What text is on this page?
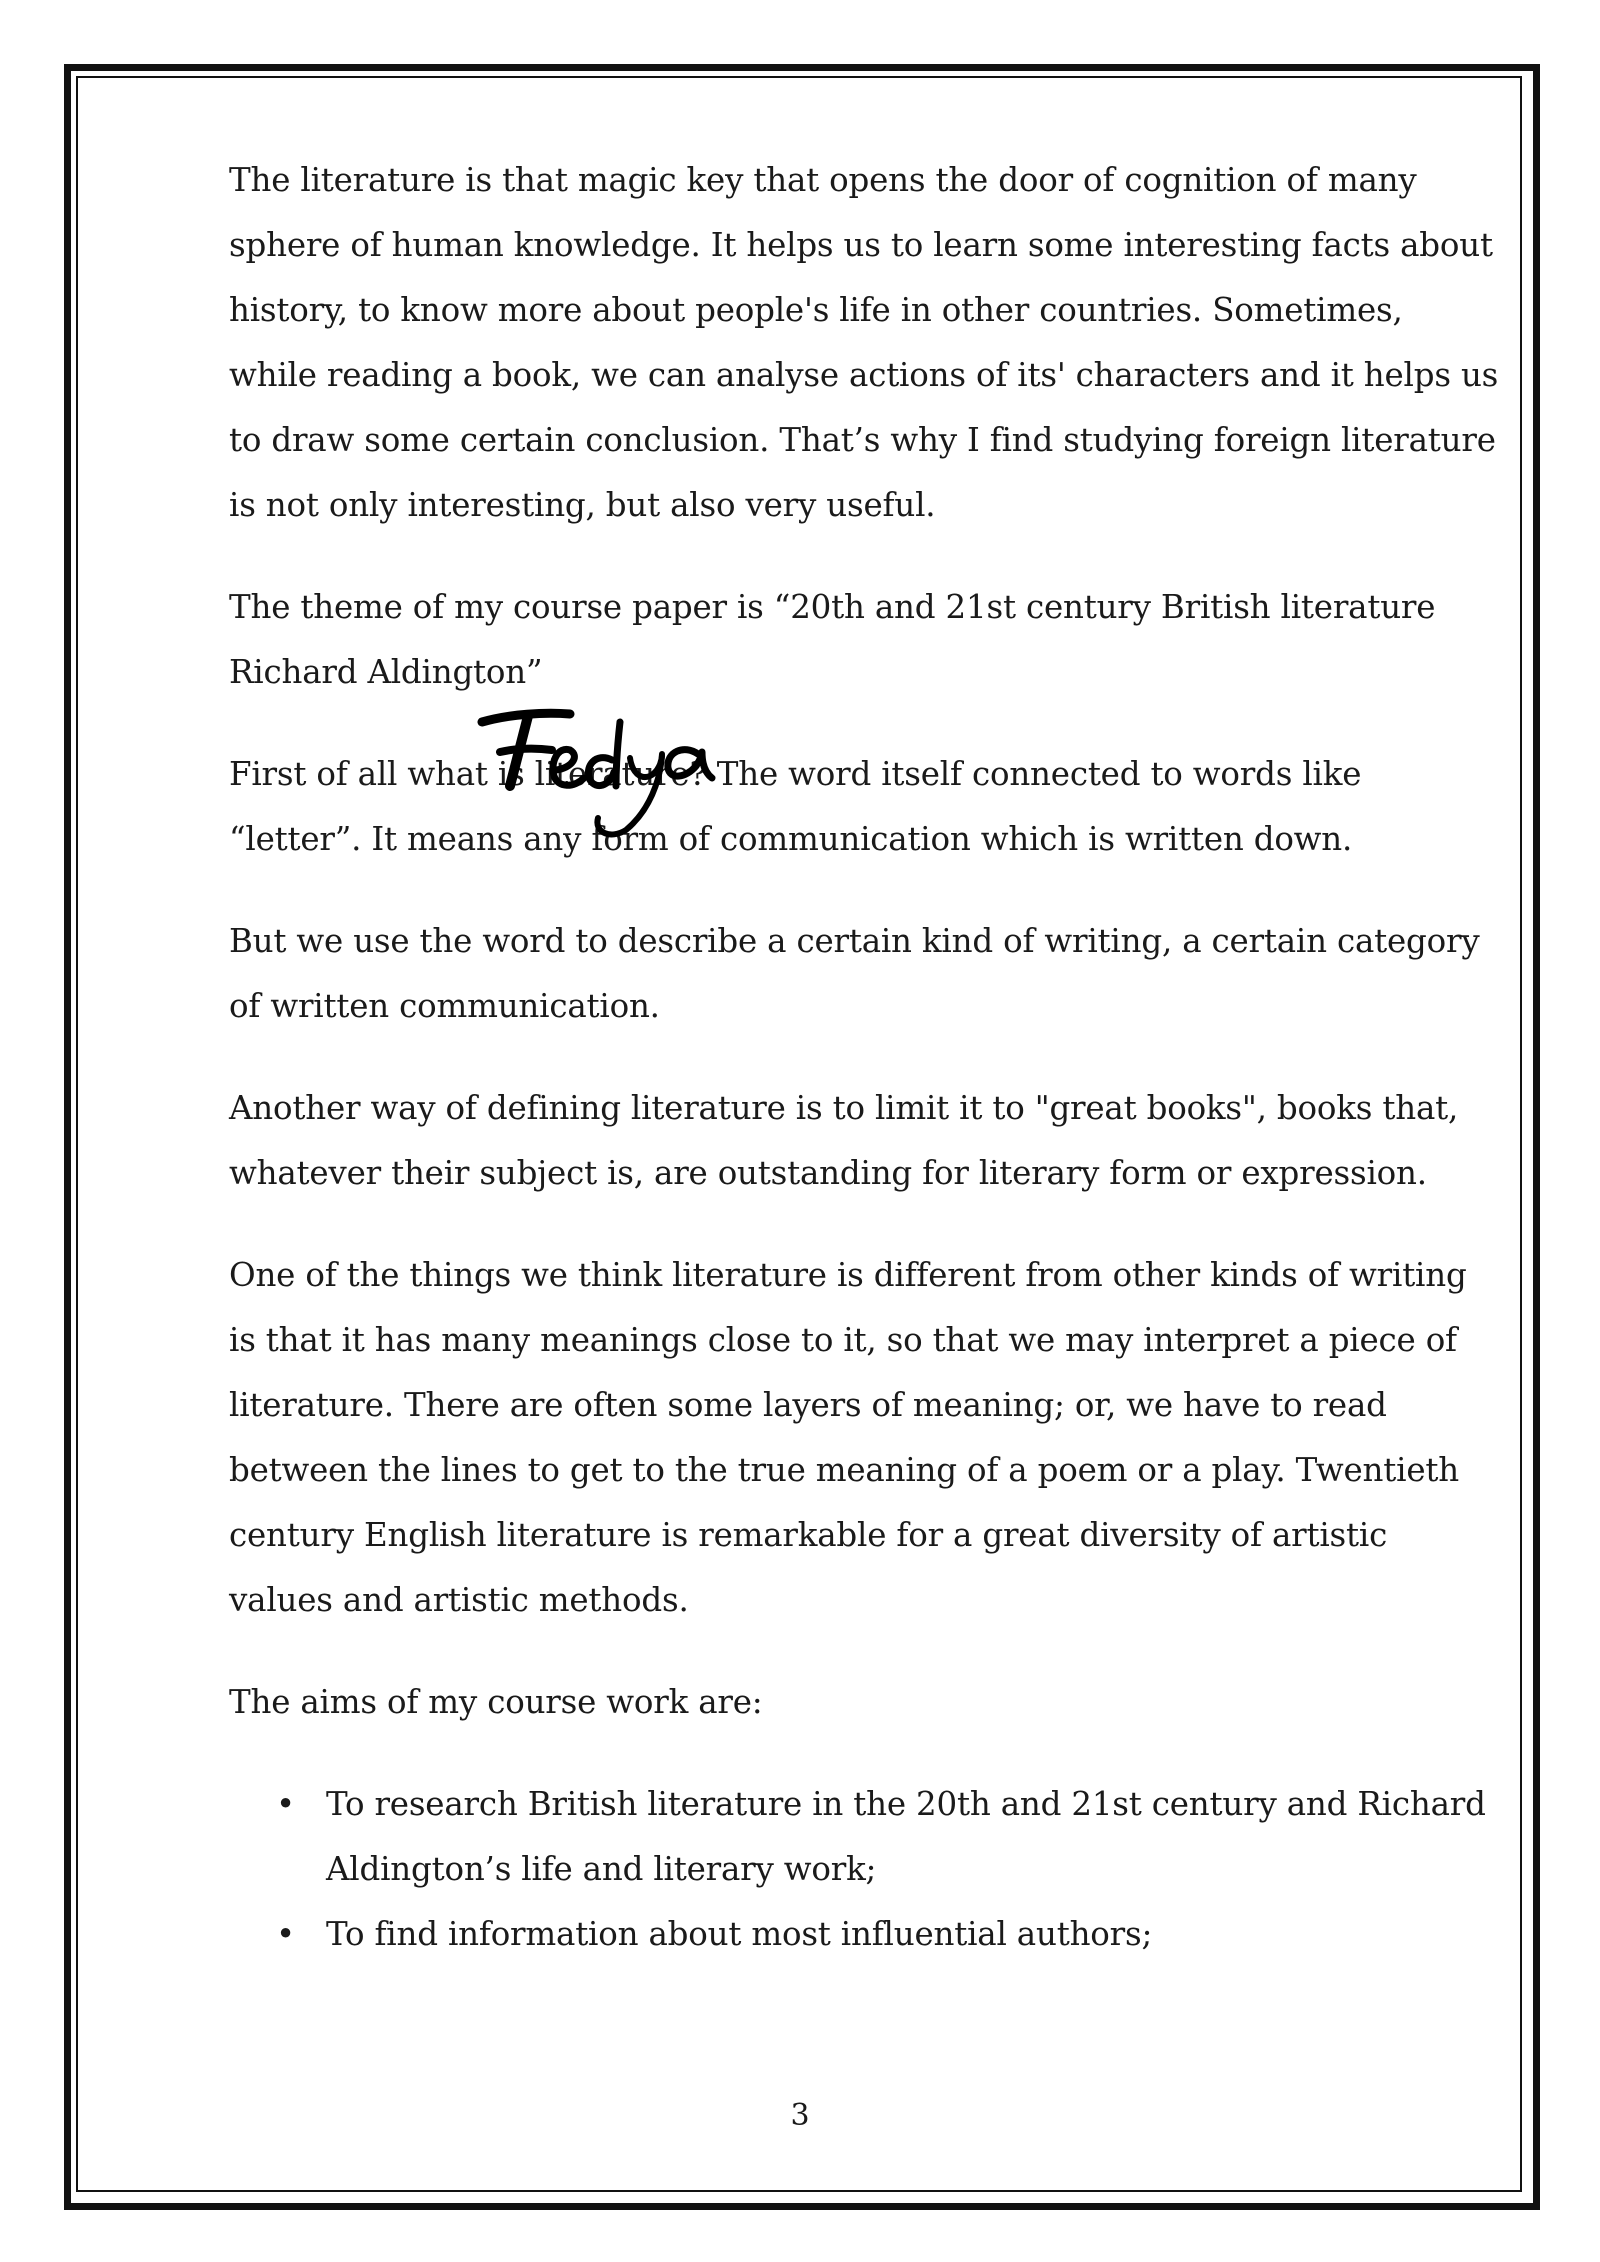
The literature is that magic key that opens the door of cognition of many sphere of human knowledge. It helps us to learn some interesting facts about history, to know more about people's life in other countries. Sometimes, while reading a book, we can analyse actions of its' characters and it helps us to draw some certain conclusion. That’s why I find studying foreign literature is not only interesting, but also very useful.

The theme of my course paper is “20th and 21st century British literature Richard Aldington”

First of all what is literature? The word itself connected to words like “letter”. It means any form of communication which is written down.

But we use the word to describe a certain kind of writing, a certain category of written communication.

Another way of defining literature is to limit it to "great books", books that, whatever their subject is, are outstanding for literary form or expression.

One of the things we think literature is different from other kinds of writing is that it has many meanings close to it, so that we may interpret a piece of literature. There are often some layers of meaning; or, we have to read between the lines to get to the true meaning of a poem or a play. Twentieth century English literature is remarkable for a great diversity of artistic values and artistic methods.

The aims of my course work are:

• To research British literature in the 20th and 21st century and Richard Aldington’s life and literary work;
• To find information about most influential authors;
3
